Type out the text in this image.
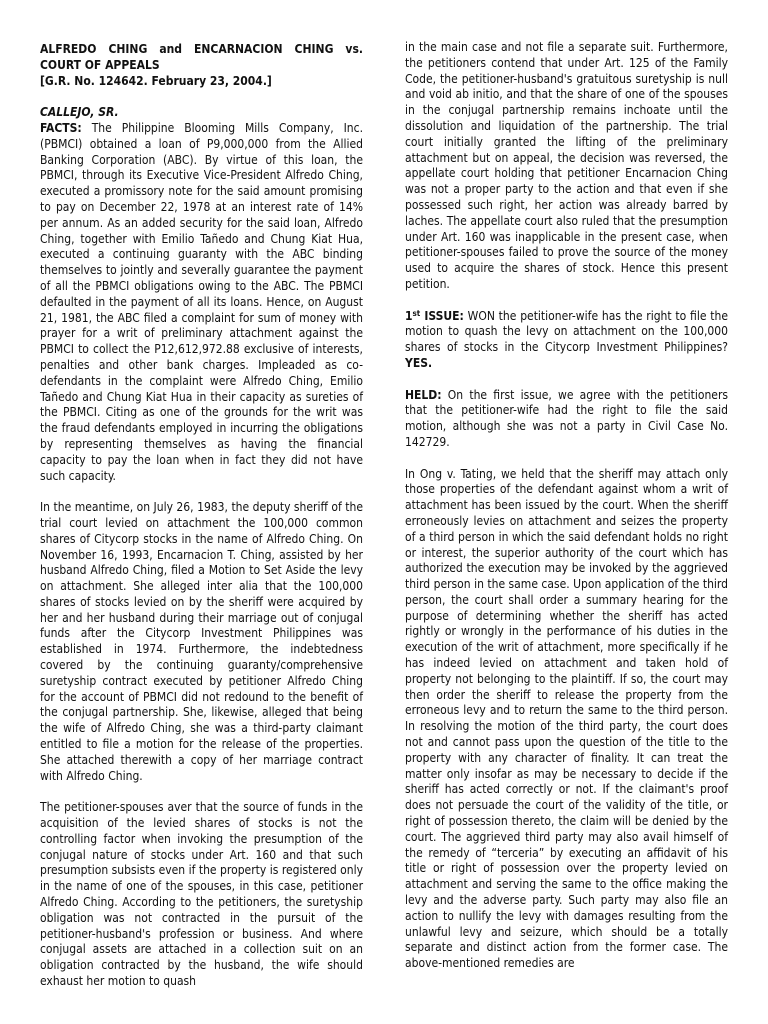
ALFREDO CHING and ENCARNACION CHING vs. COURT OF APPEALS

[G.R. No. 124642. February 23, 2004.]

CALLEJO, SR.

FACTS: The Philippine Blooming Mills Company, Inc. (PBMCI) obtained a loan of P9,000,000 from the Allied Banking Corporation (ABC). By virtue of this loan, the PBMCI, through its Executive Vice-President Alfredo Ching, executed a promissory note for the said amount promising to pay on December 22, 1978 at an interest rate of 14% per annum. As an added security for the said loan, Alfredo Ching, together with Emilio Tañedo and Chung Kiat Hua, executed a continuing guaranty with the ABC binding themselves to jointly and severally guarantee the payment of all the PBMCI obligations owing to the ABC. The PBMCI defaulted in the payment of all its loans. Hence, on August 21, 1981, the ABC filed a complaint for sum of money with prayer for a writ of preliminary attachment against the PBMCI to collect the P12,612,972.88 exclusive of interests, penalties and other bank charges. Impleaded as co-defendants in the complaint were Alfredo Ching, Emilio Tañedo and Chung Kiat Hua in their capacity as sureties of the PBMCI. Citing as one of the grounds for the writ was the fraud defendants employed in incurring the obligations by representing themselves as having the financial capacity to pay the loan when in fact they did not have such capacity.

In the meantime, on July 26, 1983, the deputy sheriff of the trial court levied on attachment the 100,000 common shares of Citycorp stocks in the name of Alfredo Ching. On November 16, 1993, Encarnacion T. Ching, assisted by her husband Alfredo Ching, filed a Motion to Set Aside the levy on attachment. She alleged inter alia that the 100,000 shares of stocks levied on by the sheriff were acquired by her and her husband during their marriage out of conjugal funds after the Citycorp Investment Philippines was established in 1974. Furthermore, the indebtedness covered by the continuing guaranty/comprehensive suretyship contract executed by petitioner Alfredo Ching for the account of PBMCI did not redound to the benefit of the conjugal partnership. She, likewise, alleged that being the wife of Alfredo Ching, she was a third-party claimant entitled to file a motion for the release of the properties. She attached therewith a copy of her marriage contract with Alfredo Ching.

The petitioner-spouses aver that the source of funds in the acquisition of the levied shares of stocks is not the controlling factor when invoking the presumption of the conjugal nature of stocks under Art. 160 and that such presumption subsists even if the property is registered only in the name of one of the spouses, in this case, petitioner Alfredo Ching. According to the petitioners, the suretyship obligation was not contracted in the pursuit of the petitioner-husband's profession or business. And where conjugal assets are attached in a collection suit on an obligation contracted by the husband, the wife should exhaust her motion to quash

in the main case and not file a separate suit. Furthermore, the petitioners contend that under Art. 125 of the Family Code, the petitioner-husband's gratuitous suretyship is null and void ab initio, and that the share of one of the spouses in the conjugal partnership remains inchoate until the dissolution and liquidation of the partnership. The trial court initially granted the lifting of the preliminary attachment but on appeal, the decision was reversed, the appellate court holding that petitioner Encarnacion Ching was not a proper party to the action and that even if she possessed such right, her action was already barred by laches. The appellate court also ruled that the presumption under Art. 160 was inapplicable in the present case, when petitioner-spouses failed to prove the source of the money used to acquire the shares of stock. Hence this present petition.

1st ISSUE: WON the petitioner-wife has the right to file the motion to quash the levy on attachment on the 100,000 shares of stocks in the Citycorp Investment Philippines? YES.

HELD: On the first issue, we agree with the petitioners that the petitioner-wife had the right to file the said motion, although she was not a party in Civil Case No. 142729.

In Ong v. Tating, we held that the sheriff may attach only those properties of the defendant against whom a writ of attachment has been issued by the court. When the sheriff erroneously levies on attachment and seizes the property of a third person in which the said defendant holds no right or interest, the superior authority of the court which has authorized the execution may be invoked by the aggrieved third person in the same case. Upon application of the third person, the court shall order a summary hearing for the purpose of determining whether the sheriff has acted rightly or wrongly in the performance of his duties in the execution of the writ of attachment, more specifically if he has indeed levied on attachment and taken hold of property not belonging to the plaintiff. If so, the court may then order the sheriff to release the property from the erroneous levy and to return the same to the third person. In resolving the motion of the third party, the court does not and cannot pass upon the question of the title to the property with any character of finality. It can treat the matter only insofar as may be necessary to decide if the sheriff has acted correctly or not. If the claimant's proof does not persuade the court of the validity of the title, or right of possession thereto, the claim will be denied by the court. The aggrieved third party may also avail himself of the remedy of “terceria” by executing an affidavit of his title or right of possession over the property levied on attachment and serving the same to the office making the levy and the adverse party. Such party may also file an action to nullify the levy with damages resulting from the unlawful levy and seizure, which should be a totally separate and distinct action from the former case. The above-mentioned remedies are
